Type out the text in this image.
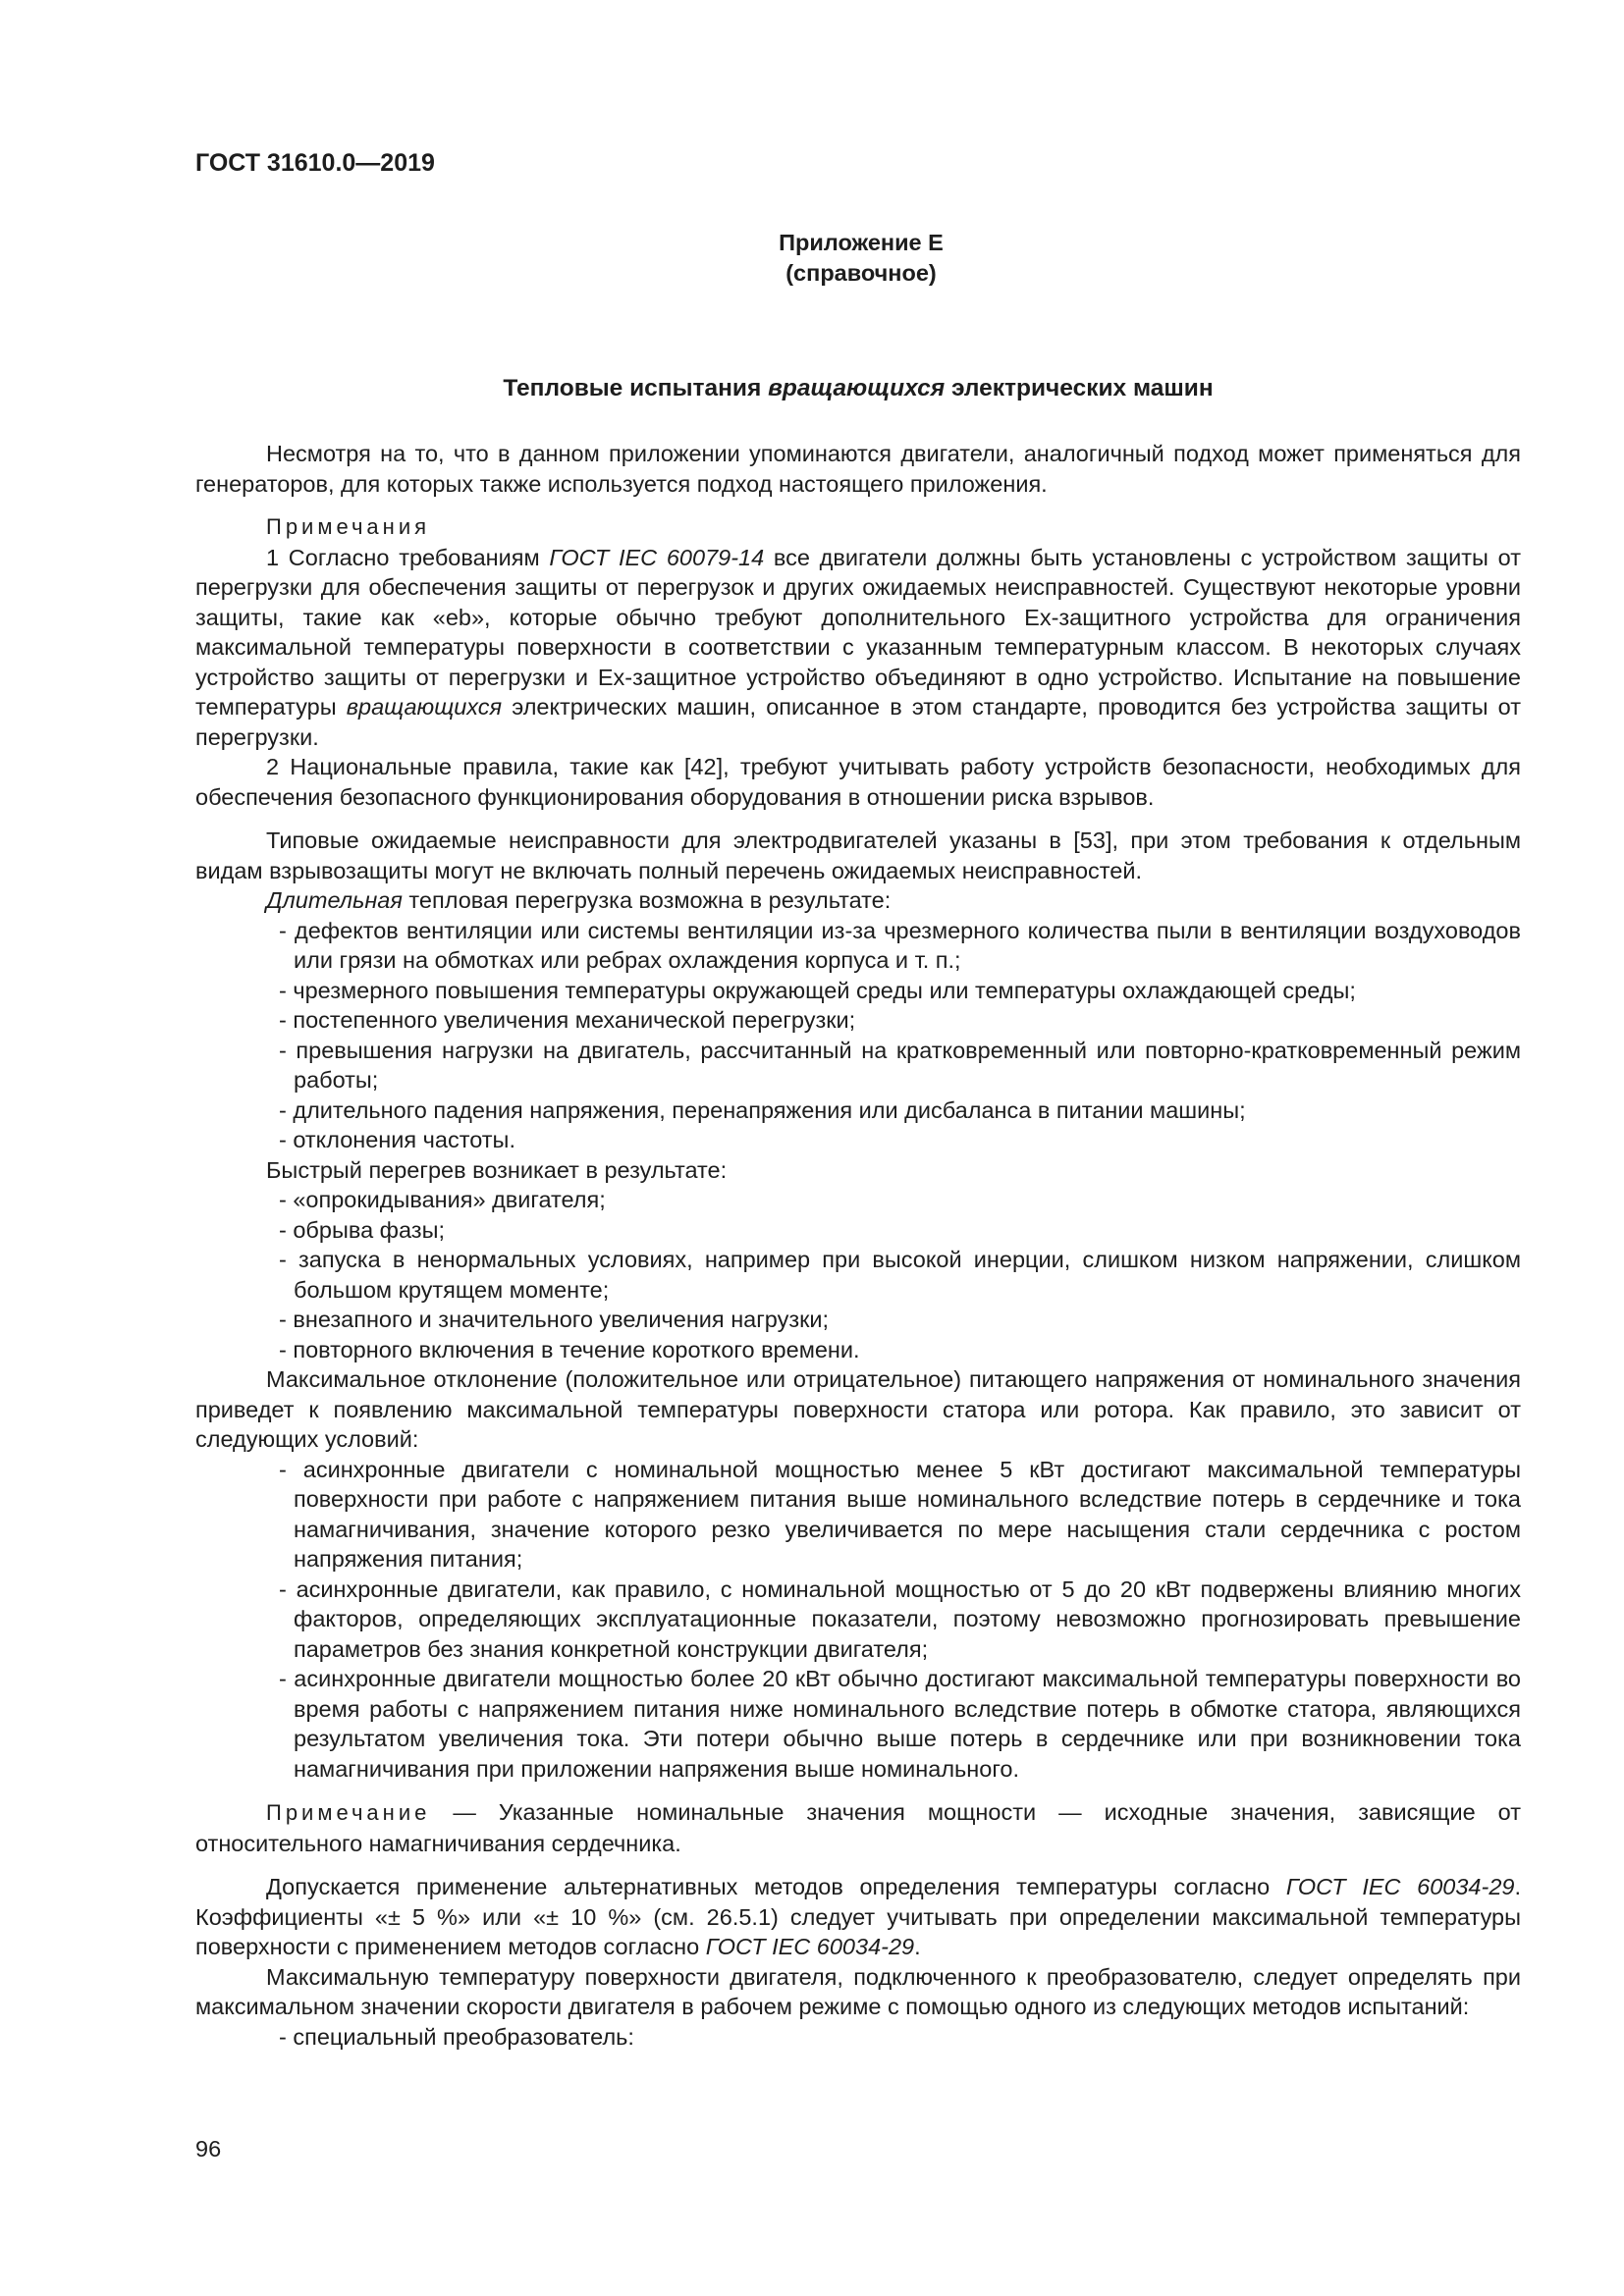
ГОСТ 31610.0—2019
Приложение Е
(справочное)
Тепловые испытания вращающихся электрических машин

Несмотря на то, что в данном приложении упоминаются двигатели, аналогичный подход может применяться для генераторов, для которых также используется подход настоящего приложения.

Примечания

1 Согласно требованиям ГОСТ IEC 60079-14 все двигатели должны быть установлены с устройством защиты от перегрузки для обеспечения защиты от перегрузок и других ожидаемых неисправностей. Существуют некоторые уровни защиты, такие как «eb», которые обычно требуют дополнительного Ex-защитного устройства для ограничения максимальной температуры поверхности в соответствии с указанным температурным классом. В некоторых случаях устройство защиты от перегрузки и Ex-защитное устройство объединяют в одно устройство. Испытание на повышение температуры вращающихся электрических машин, описанное в этом стандарте, проводится без устройства защиты от перегрузки.

2 Национальные правила, такие как [42], требуют учитывать работу устройств безопасности, необходимых для обеспечения безопасного функционирования оборудования в отношении риска взрывов.

Типовые ожидаемые неисправности для электродвигателей указаны в [53], при этом требования к отдельным видам взрывозащиты могут не включать полный перечень ожидаемых неисправностей.

Длительная тепловая перегрузка возможна в результате:

- дефектов вентиляции или системы вентиляции из-за чрезмерного количества пыли в вентиляции воздуховодов или грязи на обмотках или ребрах охлаждения корпуса и т. п.;

- чрезмерного повышения температуры окружающей среды или температуры охлаждающей среды;

- постепенного увеличения механической перегрузки;

- превышения нагрузки на двигатель, рассчитанный на кратковременный или повторно-кратковременный режим работы;

- длительного падения напряжения, перенапряжения или дисбаланса в питании машины;

- отклонения частоты.

Быстрый перегрев возникает в результате:

- «опрокидывания» двигателя;

- обрыва фазы;

- запуска в ненормальных условиях, например при высокой инерции, слишком низком напряжении, слишком большом крутящем моменте;

- внезапного и значительного увеличения нагрузки;

- повторного включения в течение короткого времени.

Максимальное отклонение (положительное или отрицательное) питающего напряжения от номинального значения приведет к появлению максимальной температуры поверхности статора или ротора. Как правило, это зависит от следующих условий:

- асинхронные двигатели с номинальной мощностью менее 5 кВт достигают максимальной температуры поверхности при работе с напряжением питания выше номинального вследствие потерь в сердечнике и тока намагничивания, значение которого резко увеличивается по мере насыщения стали сердечника с ростом напряжения питания;

- асинхронные двигатели, как правило, с номинальной мощностью от 5 до 20 кВт подвержены влиянию многих факторов, определяющих эксплуатационные показатели, поэтому невозможно прогнозировать превышение параметров без знания конкретной конструкции двигателя;

- асинхронные двигатели мощностью более 20 кВт обычно достигают максимальной температуры поверхности во время работы с напряжением питания ниже номинального вследствие потерь в обмотке статора, являющихся результатом увеличения тока. Эти потери обычно выше потерь в сердечнике или при возникновении тока намагничивания при приложении напряжения выше номинального.

Примечание — Указанные номинальные значения мощности — исходные значения, зависящие от относительного намагничивания сердечника.

Допускается применение альтернативных методов определения температуры согласно ГОСТ IEC 60034-29. Коэффициенты «± 5 %» или «± 10 %» (см. 26.5.1) следует учитывать при определении максимальной температуры поверхности с применением методов согласно ГОСТ IEC 60034-29.

Максимальную температуру поверхности двигателя, подключенного к преобразователю, следует определять при максимальном значении скорости двигателя в рабочем режиме с помощью одного из следующих методов испытаний:

- специальный преобразователь:

96
